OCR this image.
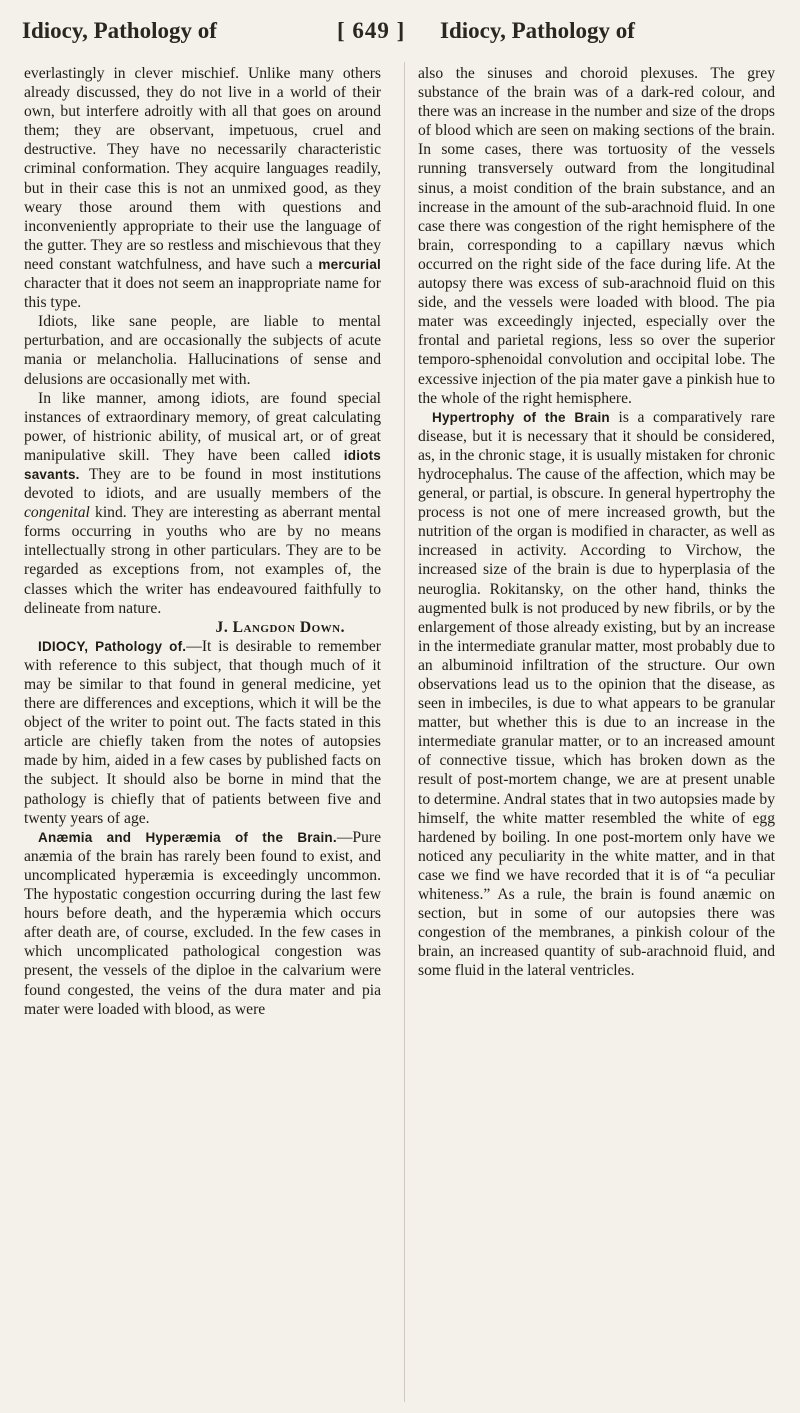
Idiocy, Pathology of	[ 649 ] Idiocy, Pathology of

everlastingly in clever mischief. Unlike many others already discussed, they do not live in a world of their own, but interfere adroitly with all that goes on around them; they are observant, impetuous, cruel and destructive. They have no necessarily characteristic criminal conformation. They acquire languages readily, but in their case this is not an unmixed good, as they weary those around them with questions and inconveniently appropriate to their use the language of the gutter. They are so restless and mischievous that they need constant watchfulness, and have such a mercurial character that it does not seem an inappropriate name for this type.

Idiots, like sane people, are liable to mental perturbation, and are occasionally the subjects of acute mania or melancholia. Hallucinations of sense and delusions are occasionally met with.

In like manner, among idiots, are found special instances of extraordinary memory, of great calculating power, of histrionic ability, of musical art, or of great manipulative skill. They have been called idiots savants. They are to be found in most institutions devoted to idiots, and are usually members of the congenital kind. They are interesting as aberrant mental forms occurring in youths who are by no means intellectually strong in other particulars. They are to be regarded as exceptions from, not examples of, the classes which the writer has endeavoured faithfully to delineate from nature.

J. Langdon Down.

IDIOCY, Pathology of.—It is desirable to remember with reference to this subject, that though much of it may be similar to that found in general medicine, yet there are differences and exceptions, which it will be the object of the writer to point out. The facts stated in this article are chiefly taken from the notes of autopsies made by him, aided in a few cases by published facts on the subject. It should also be borne in mind that the pathology is chiefly that of patients between five and twenty years of age.

Anæmia and Hyperæmia of the Brain.—Pure anæmia of the brain has rarely been found to exist, and uncomplicated hyperæmia is exceedingly uncommon. The hypostatic congestion occurring during the last few hours before death, and the hyperæmia which occurs after death are, of course, excluded. In the few cases in which uncomplicated pathological congestion was present, the vessels of the diploe in the calvarium were found congested, the veins of the dura mater and pia mater were loaded with blood, as were

also the sinuses and choroid plexuses. The grey substance of the brain was of a dark-red colour, and there was an increase in the number and size of the drops of blood which are seen on making sections of the brain. In some cases, there was tortuosity of the vessels running transversely outward from the longitudinal sinus, a moist condition of the brain substance, and an increase in the amount of the sub-arachnoid fluid. In one case there was congestion of the right hemisphere of the brain, corresponding to a capillary nævus which occurred on the right side of the face during life. At the autopsy there was excess of sub-arachnoid fluid on this side, and the vessels were loaded with blood. The pia mater was exceedingly injected, especially over the frontal and parietal regions, less so over the superior temporo-sphenoidal convolution and occipital lobe. The excessive injection of the pia mater gave a pinkish hue to the whole of the right hemisphere.

Hypertrophy of the Brain is a comparatively rare disease, but it is necessary that it should be considered, as, in the chronic stage, it is usually mistaken for chronic hydrocephalus. The cause of the affection, which may be general, or partial, is obscure. In general hypertrophy the process is not one of mere increased growth, but the nutrition of the organ is modified in character, as well as increased in activity. According to Virchow, the increased size of the brain is due to hyperplasia of the neuroglia. Rokitansky, on the other hand, thinks the augmented bulk is not produced by new fibrils, or by the enlargement of those already existing, but by an increase in the intermediate granular matter, most probably due to an albuminoid infiltration of the structure. Our own observations lead us to the opinion that the disease, as seen in imbeciles, is due to what appears to be granular matter, but whether this is due to an increase in the intermediate granular matter, or to an increased amount of connective tissue, which has broken down as the result of post-mortem change, we are at present unable to determine. Andral states that in two autopsies made by himself, the white matter resembled the white of egg hardened by boiling. In one post-mortem only have we noticed any peculiarity in the white matter, and in that case we find we have recorded that it is of “a peculiar whiteness.” As a rule, the brain is found anæmic on section, but in some of our autopsies there was congestion of the membranes, a pinkish colour of the brain, an increased quantity of sub-arachnoid fluid, and some fluid in the lateral ventricles.
